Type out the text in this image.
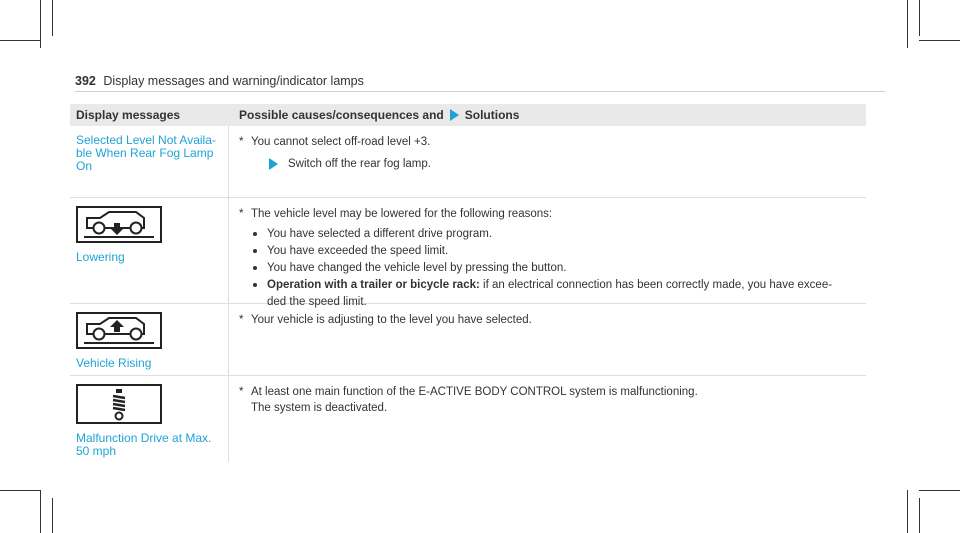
392 Display messages and warning/indicator lamps
Display messages	Possible causes/consequences and Solutions
Selected Level Not Availa-
ble When Rear Fog Lamp
On
* You cannot select off-road level +3.
Switch off the rear fog lamp.
Lowering
* The vehicle level may be lowered for the following reasons:
You have selected a different drive program.
You have exceeded the speed limit.
You have changed the vehicle level by pressing the button.
Operation with a trailer or bicycle rack: if an electrical connection has been correctly made, you have excee-
ded the speed limit.
Vehicle Rising
* Your vehicle is adjusting to the level you have selected.
Malfunction Drive at Max.
50 mph
* At least one main function of the E-ACTIVE BODY CONTROL system is malfunctioning.
The system is deactivated.
